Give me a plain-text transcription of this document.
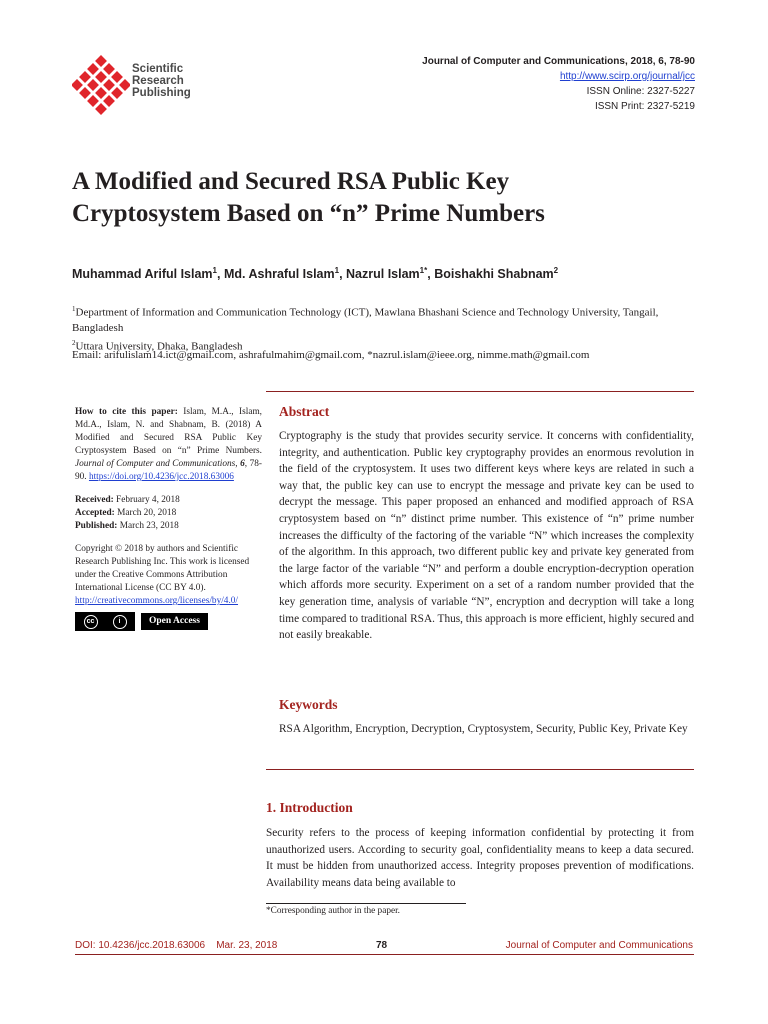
Scientific
Research
Publishing
Journal of Computer and Communications, 2018, 6, 78-90
http://www.scirp.org/journal/jcc
ISSN Online: 2327-5227
ISSN Print: 2327-5219
A Modified and Secured RSA Public Key
Cryptosystem Based on “n” Prime Numbers
Muhammad Ariful Islam$^1$, Md. Ashraful Islam$^1$, Nazrul Islam$^{1*}$, Boishakhi Shabnam$^2$
$^1$Department of Information and Communication Technology (ICT), Mawlana Bhashani Science and Technology University, Tangail, Bangladesh
$^2$Uttara University, Dhaka, Bangladesh
Email: arifulislam14.ict@gmail.com, ashrafulmahim@gmail.com, *nazrul.islam@ieee.org, nimme.math@gmail.com
How to cite this paper: Islam, M.A., Islam, Md.A., Islam, N. and Shabnam, B. (2018) A Modified and Secured RSA Public Key Cryptosystem Based on “n” Prime Numbers. Journal of Computer and Communications, 6, 78-90. https://doi.org/10.4236/jcc.2018.63006
Received: February 4, 2018
Accepted: March 20, 2018
Published: March 23, 2018
Copyright © 2018 by authors and Scientific Research Publishing Inc. This work is licensed under the Creative Commons Attribution International License (CC BY 4.0).
http://creativecommons.org/licenses/by/4.0/
cc	i	Open Access
Abstract
Cryptography is the study that provides security service. It concerns with confidentiality, integrity, and authentication. Public key cryptography provides an enormous revolution in the field of the cryptosystem. It uses two different keys where keys are related in such a way that, the public key can use to encrypt the message and private key can be used to decrypt the message. This paper proposed an enhanced and modified approach of RSA cryptosystem based on “n” distinct prime number. This existence of “n” prime number increases the difficulty of the factoring of the variable “N” which increases the complexity of the algorithm. In this approach, two different public key and private key generated from the large factor of the variable “N” and perform a double encryption-decryption operation which affords more security. Experiment on a set of a random number provided that the key generation time, analysis of variable “N”, encryption and decryption will take a long time compared to traditional RSA. Thus, this approach is more efficient, highly secured and not easily breakable.
Keywords
RSA Algorithm, Encryption, Decryption, Cryptosystem, Security, Public Key, Private Key
1. Introduction
Security refers to the process of keeping information confidential by protecting it from unauthorized users. According to security goal, confidentiality means to keep a data secured. It must be hidden from unauthorized access. Integrity proposes prevention of modifications. Availability means data being available to
*Corresponding author in the paper.
DOI: 10.4236/jcc.2018.63006 Mar. 23, 2018	78	Journal of Computer and Communications
